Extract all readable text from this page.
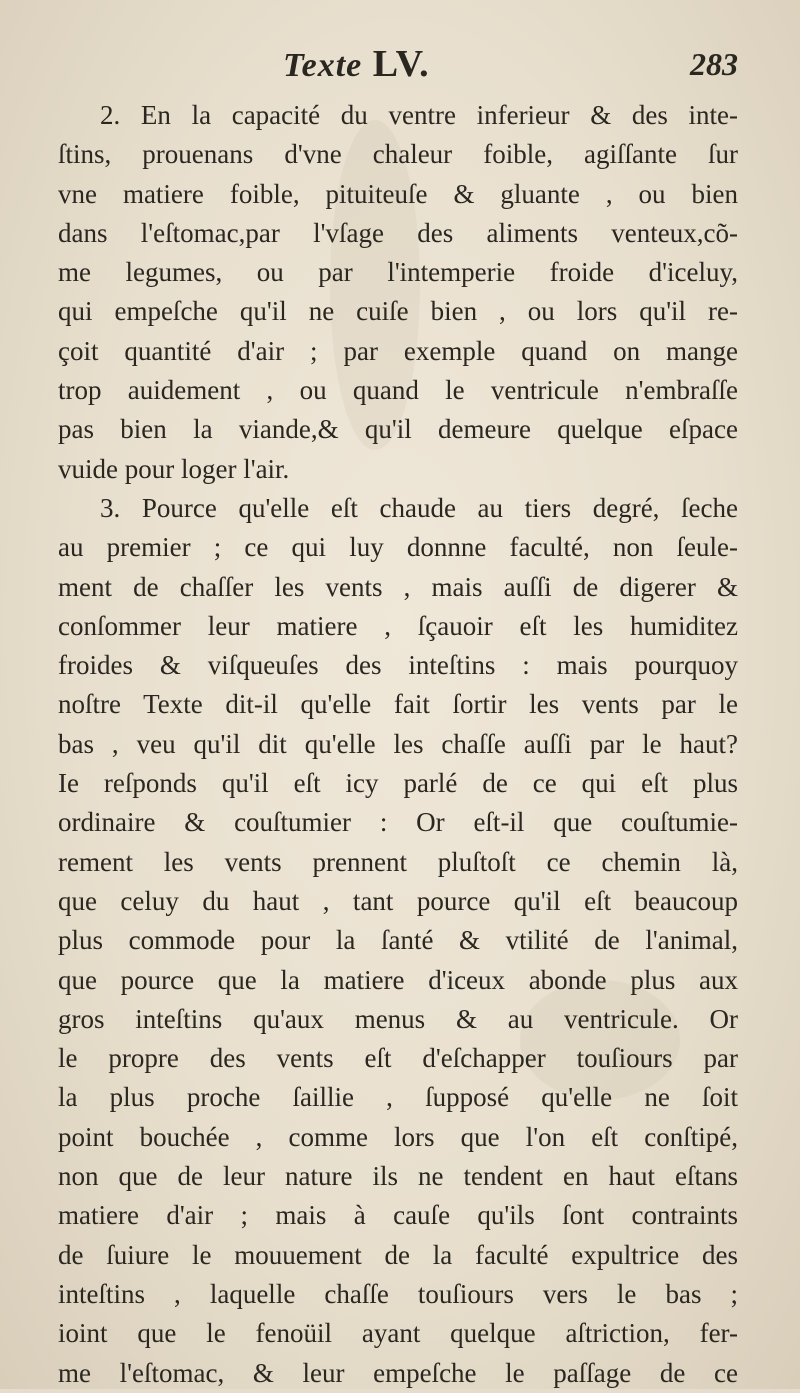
Texte LV.	283
2. En la capacité du ventre inferieur & des inte-
ſtins, prouenans d'vne chaleur foible, agiſſante ſur
vne matiere foible, pituiteuſe & gluante , ou bien
dans l'eſtomac,par l'vſage des aliments venteux,cõ-
me legumes, ou par l'intemperie froide d'iceluy,
qui empeſche qu'il ne cuiſe bien , ou lors qu'il re-
çoit quantité d'air ; par exemple quand on mange
trop auidement , ou quand le ventricule n'embraſſe
pas bien la viande,& qu'il demeure quelque eſpace
vuide pour loger l'air.
3. Pource qu'elle eſt chaude au tiers degré, ſeche
au premier ; ce qui luy donnne faculté, non ſeule-
ment de chaſſer les vents , mais auſſi de digerer &
conſommer leur matiere , ſçauoir eſt les humiditez
froides & viſqueuſes des inteſtins : mais pourquoy
noſtre Texte dit-il qu'elle fait ſortir les vents par le
bas , veu qu'il dit qu'elle les chaſſe auſſi par le haut?
Ie reſponds qu'il eſt icy parlé de ce qui eſt plus
ordinaire & couſtumier : Or eſt-il que couſtumie-
rement les vents prennent pluſtoſt ce chemin là,
que celuy du haut , tant pource qu'il eſt beaucoup
plus commode pour la ſanté & vtilité de l'animal,
que pource que la matiere d'iceux abonde plus aux
gros inteſtins qu'aux menus & au ventricule. Or
le propre des vents eſt d'eſchapper touſiours par
la plus proche ſaillie , ſupposé qu'elle ne ſoit
point bouchée , comme lors que l'on eſt conſtipé,
non que de leur nature ils ne tendent en haut eſtans
matiere d'air ; mais à cauſe qu'ils ſont contraints
de ſuiure le mouuement de la faculté expultrice des
inteſtins , laquelle chaſſe touſiours vers le bas ;
ioint que le fenoüil ayant quelque aſtriction, fer-
me l'eſtomac, & leur empeſche le paſſage de ce
